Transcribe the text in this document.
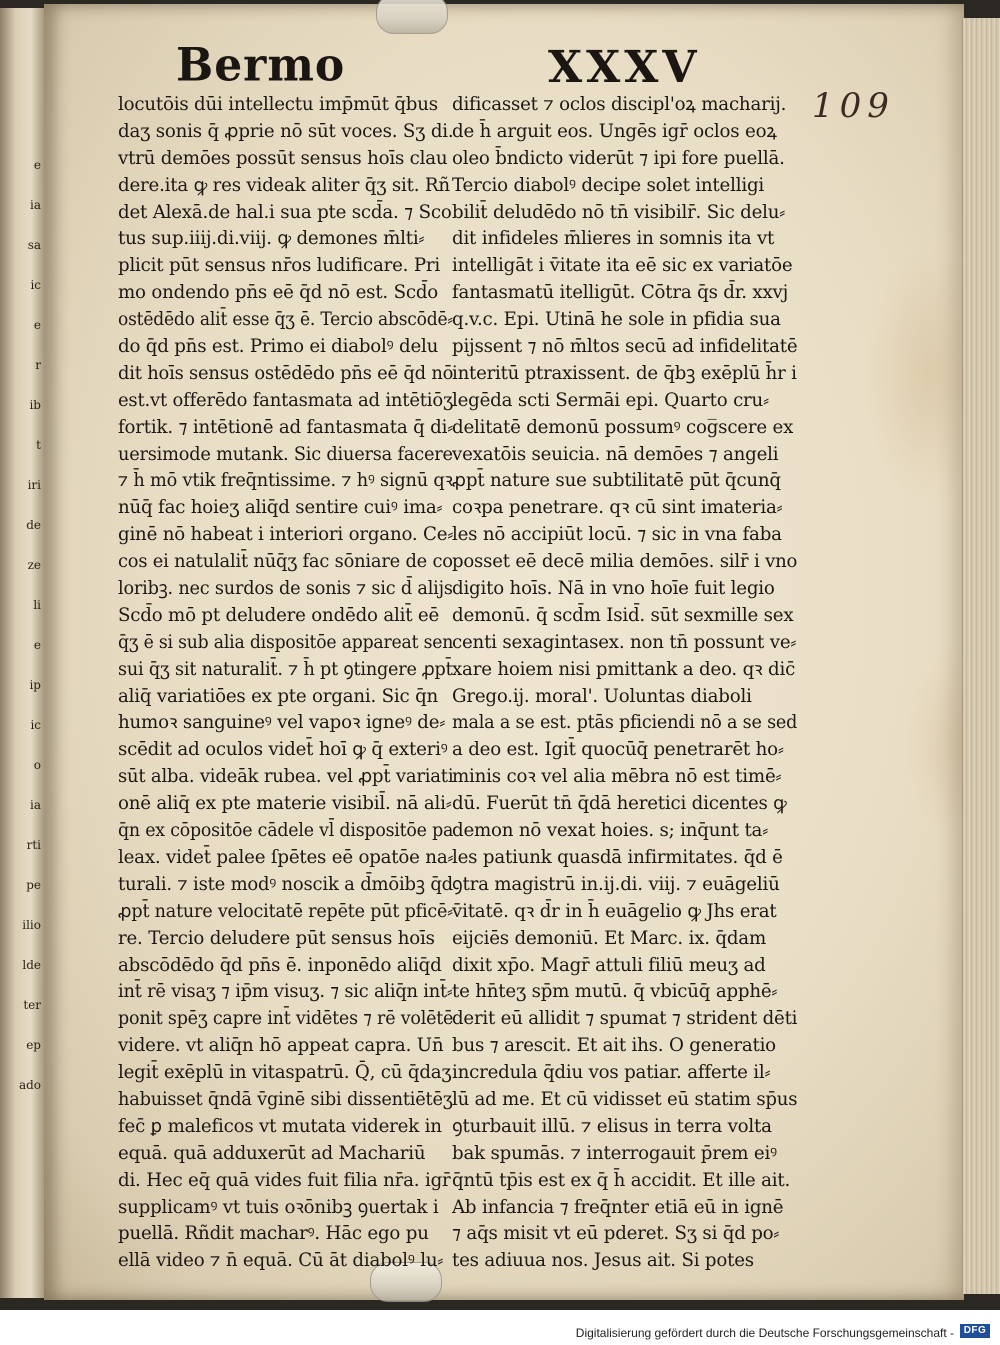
e
ia
sa
ic
e
r
ib
t
iri
de
ze
li
e
ip
ic
o
ia
rti
pe
ilio
lde
ter
ep
ado
Bermo	XXXV
109
locutōis dūi intellectu imp̄mūt q̄bus
daʒ sonis q̄ ꝓprie nō sūt voces. Sʒ di.
vtrū demōes possūt sensus hoīs clau
dere.ita ꝙ res videak aliter q̄ʒ sit. Rñ
det Alexā.de hal.i sua pte scd̄a. ⁊ Sco
tus sup.iiij.di.viij. ꝙ demones m̄lti⸗
plicit pūt sensus nr̄os ludificare. Pri
mo ondendo pn̄s eē q̄d nō est. Scd̄o
ostēdēdo alit̄ esse q̄ʒ ē. Tercio abscōdē⸗
do q̄d pn̄s est. Primo ei diabolꝰ delu
dit hoīs sensus ostēdēdo pn̄s eē q̄d nō
est.vt offerēdo fantasmata ad intētiōʒ
fortik. ⁊ intētionē ad fantasmata q̄ di⸗
uersimode mutank. Sic diuersa facere
⁊ h̄ mō vtik freq̄ntissime. ⁊ hꝰ signū qꝛ
nūq̄ fac hoieʒ aliq̄d sentire cuiꝰ ima⸗
ginē nō habeat i interiori organo. Ce⸗
cos ei natulalit̄ nūq̄ʒ fac sōniare de co
loribꝫ. nec surdos de sonis ⁊ sic d̄ alijs
Scd̄o mō pt deludere ondēdo alit̄ eē
q̄ʒ ē si sub alia dispositōe appareat sen
sui q̄ʒ sit naturalit̄. ⁊ h̄ pt ꝯtingere ꝓpt̄
aliq̄ variatiōes ex pte organi. Sic q̄n
humoꝛ sanguineꝰ vel vapoꝛ igneꝰ de⸗
scēdit ad oculos videt̄ hoī ꝙ q̄ exteriꝰ
sūt alba. videāk rubea. vel ꝓpt̄ variati
onē aliq̄ ex pte materie visibil̄. nā ali⸗
q̄n ex cōpositōe cādele vl̄ dispositōe pa
leax. videt̄ palee ſpētes eē opatōe na⸗
turali. ⁊ iste modꝰ noscik a d̄mōibꝫ q̄d
ꝓpt̄ nature velocitatē repēte pūt pficē⸗
re. Tercio deludere pūt sensus hoīs
abscōdēdo q̄d pn̄s ē. inponēdo aliq̄d
int̄ rē visaʒ ⁊ ip̄m visuʒ. ⁊ sic aliq̄n int̄⸗
ponit spēʒ capre int̄ vidētes ⁊ rē volētē
videre. vt aliq̄n hō appeat capra. Un̄
legit̄ exēplū in vitaspatrū. Q̄, cū q̄daʒ
habuisset q̄ndā v̄ginē sibi dissentiētēʒ
fec̄ ꝑ maleficos vt mutata viderek in
equā. quā adduxerūt ad Machariū
di. Hec eq̄ quā vides fuit filia nr̄a. igr̄
supplicamꝰ vt tuis oꝛōnibꝫ ꝯuertak i
puellā. Rñdit macharꝰ. Hāc ego pu
ellā video ⁊ n̄ equā. Cū āt diabolꝰ lu⸗
dificasset ⁊ oclos discipl'oꝝ macharij.
de h̄ arguit eos. Ungēs igr̄ oclos eoꝝ
oleo b̄ndicto viderūt ⁊ ipi fore puellā.
Tercio diabolꝰ decipe solet intelligi
bilit̄ deludēdo nō tn̄ visibilr̄. Sic delu⸗
dit infideles m̄lieres in somnis ita vt
intelligāt i v̄itate ita eē sic ex variatōe
fantasmatū itelligūt. Cōtra q̄s d̄r. xxvj
q.v.c. Epi. Utinā he sole in pfidia sua
pijssent ⁊ nō m̄ltos secū ad infidelitatē
interitū ptraxissent. de q̄bꝫ exēplū h̄r i
legēda scti Sermāi epi. Quarto cru⸗
delitatē demonū possumꝰ cog̅scere ex
vexatōis seuicia. nā demōes ⁊ angeli
ꝓpt̄ nature sue subtilitatē pūt q̄cunq̄
coꝛpa penetrare. qꝛ cū sint imateria⸗
les nō accipiūt locū. ⁊ sic in vna faba
posset eē decē milia demōes. silr̄ i vno
digito hoīs. Nā in vno hoīe fuit legio
demonū. q̄ scd̄m Isid̄. sūt sexmille sex
centi sexagintasex. non tn̄ possunt ve⸗
xare hoiem nisi pmittank a deo. qꝛ dic̄
Grego.ij. moral'. Uoluntas diaboli
mala a se est. ptās pficiendi nō a se sed
a deo est. Igit̄ quocūq̄ penetrarēt ho⸗
minis coꝛ vel alia mēbra nō est timē⸗
dū. Fuerūt tn̄ q̄dā heretici dicentes ꝙ
demon nō vexat hoies. s; inq̄unt ta⸗
les patiunk quasdā infirmitates. q̄d ē
ꝯtra magistrū in.ij.di. viij. ⁊ euāgeliū
v̄itatē. qꝛ d̄r in h̄ euāgelio ꝙ Jhs erat
eijciēs demoniū. Et Marc. ix. q̄dam
dixit xp̄o. Magr̄ attuli filiū meuʒ ad
te hn̄teʒ sp̄m mutū. q̄ vbicūq̄ apphē⸗
derit eū allidit ⁊ spumat ⁊ strident dēti
bus ⁊ arescit. Et ait ihs. O generatio
incredula q̄diu vos patiar. afferte il⸗
lū ad me. Et cū vidisset eū statim sp̄us
ꝯturbauit illū. ⁊ elisus in terra volta
bak spumās. ⁊ interrogauit p̄rem eiꝰ
q̄ntū tp̄is est ex q̄ h̄ accidit. Et ille ait.
Ab infancia ⁊ freq̄nter etiā eū in ignē
⁊ aq̄s misit vt eū pderet. Sʒ si q̄d po⸗
tes adiuua nos. Jesus ait. Si potes
Digitalisierung gefördert durch die Deutsche Forschungsgemeinschaft - DFG
